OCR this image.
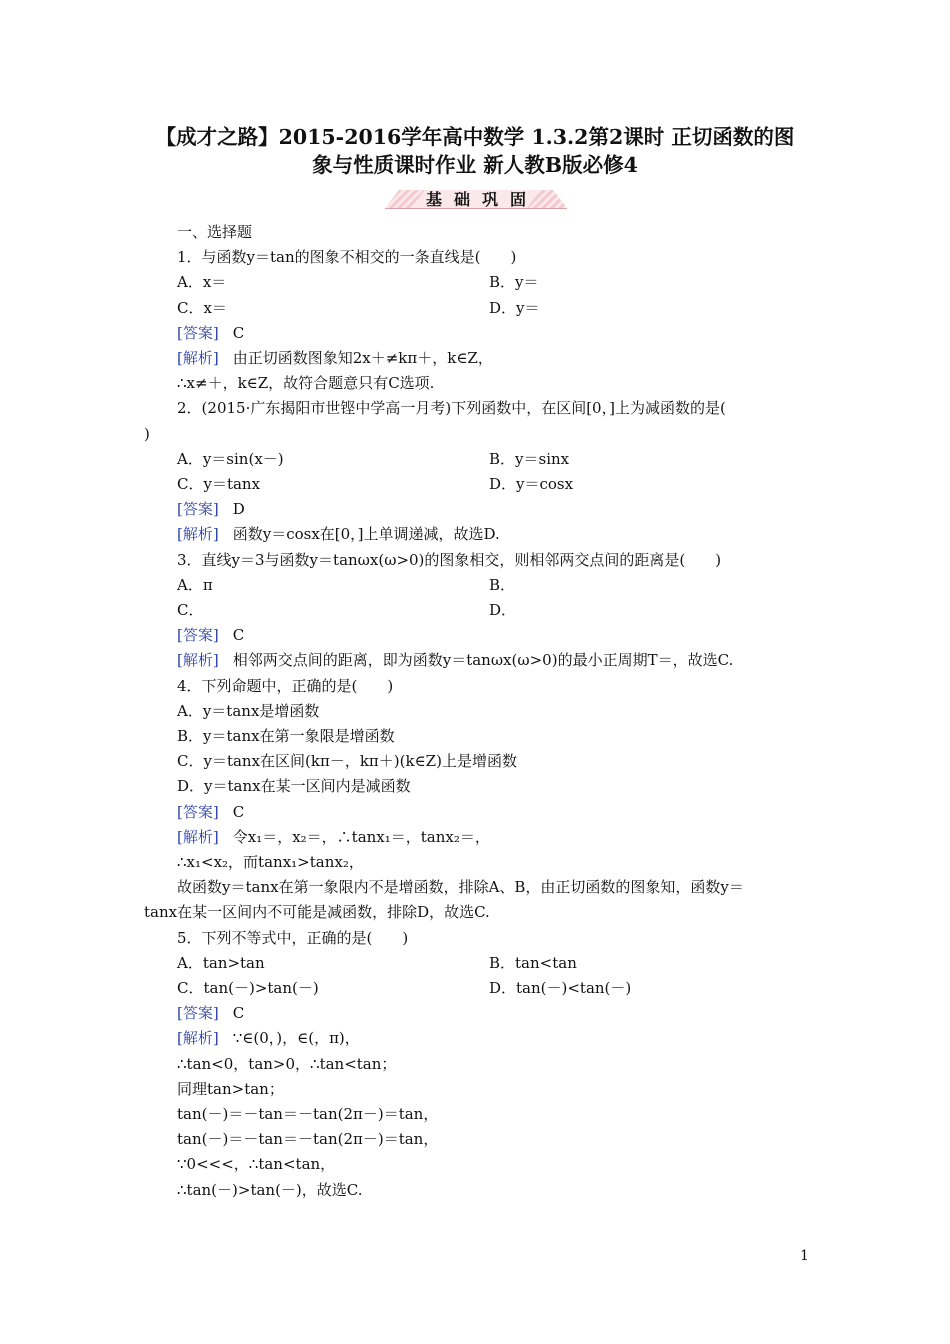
【成才之路】2015-2016学年高中数学 1.3.2第2课时 正切函数的图
象与性质课时作业 新人教B版必修4
基础巩固
一、选择题
1．与函数y＝tan的图象不相交的一条直线是(　　)
A．x＝	B．y＝
C．x＝	D．y＝
[答案] C
[解析] 由正切函数图象知2x＋≠kπ＋，k∈Z，
∴x≠＋，k∈Z，故符合题意只有C选项.
2．(2015·广东揭阳市世铿中学高一月考)下列函数中，在区间[0，]上为减函数的是(
)
A．y＝sin(x－)	B．y＝sinx
C．y＝tanx	D．y＝cosx
[答案] D
[解析] 函数y＝cosx在[0，]上单调递减，故选D.
3．直线y＝3与函数y＝tanωx(ω>0)的图象相交，则相邻两交点间的距离是(　　)
A．π	B．
C．	D．
[答案] C
[解析] 相邻两交点间的距离，即为函数y＝tanωx(ω>0)的最小正周期T＝，故选C.
4．下列命题中，正确的是(　　)
A．y＝tanx是增函数
B．y＝tanx在第一象限是增函数
C．y＝tanx在区间(kπ－，kπ＋)(k∈Z)上是增函数
D．y＝tanx在某一区间内是减函数
[答案] C
[解析] 令x₁＝，x₂＝，∴tanx₁＝，tanx₂＝，
∴x₁<x₂，而tanx₁>tanx₂，
故函数y＝tanx在第一象限内不是增函数，排除A、B，由正切函数的图象知，函数y＝
tanx在某一区间内不可能是减函数，排除D，故选C.
5．下列不等式中，正确的是(　　)
A．tan>tan	B．tan<tan
C．tan(－)>tan(－)	D．tan(－)<tan(－)
[答案] C
[解析] ∵∈(0，)，∈(，π)，
∴tan<0，tan>0，∴tan<tan；
同理tan>tan；
tan(－)＝－tan＝－tan(2π－)＝tan，
tan(－)＝－tan＝－tan(2π－)＝tan，
∵0<<<，∴tan<tan，
∴tan(－)>tan(－)，故选C.
1
